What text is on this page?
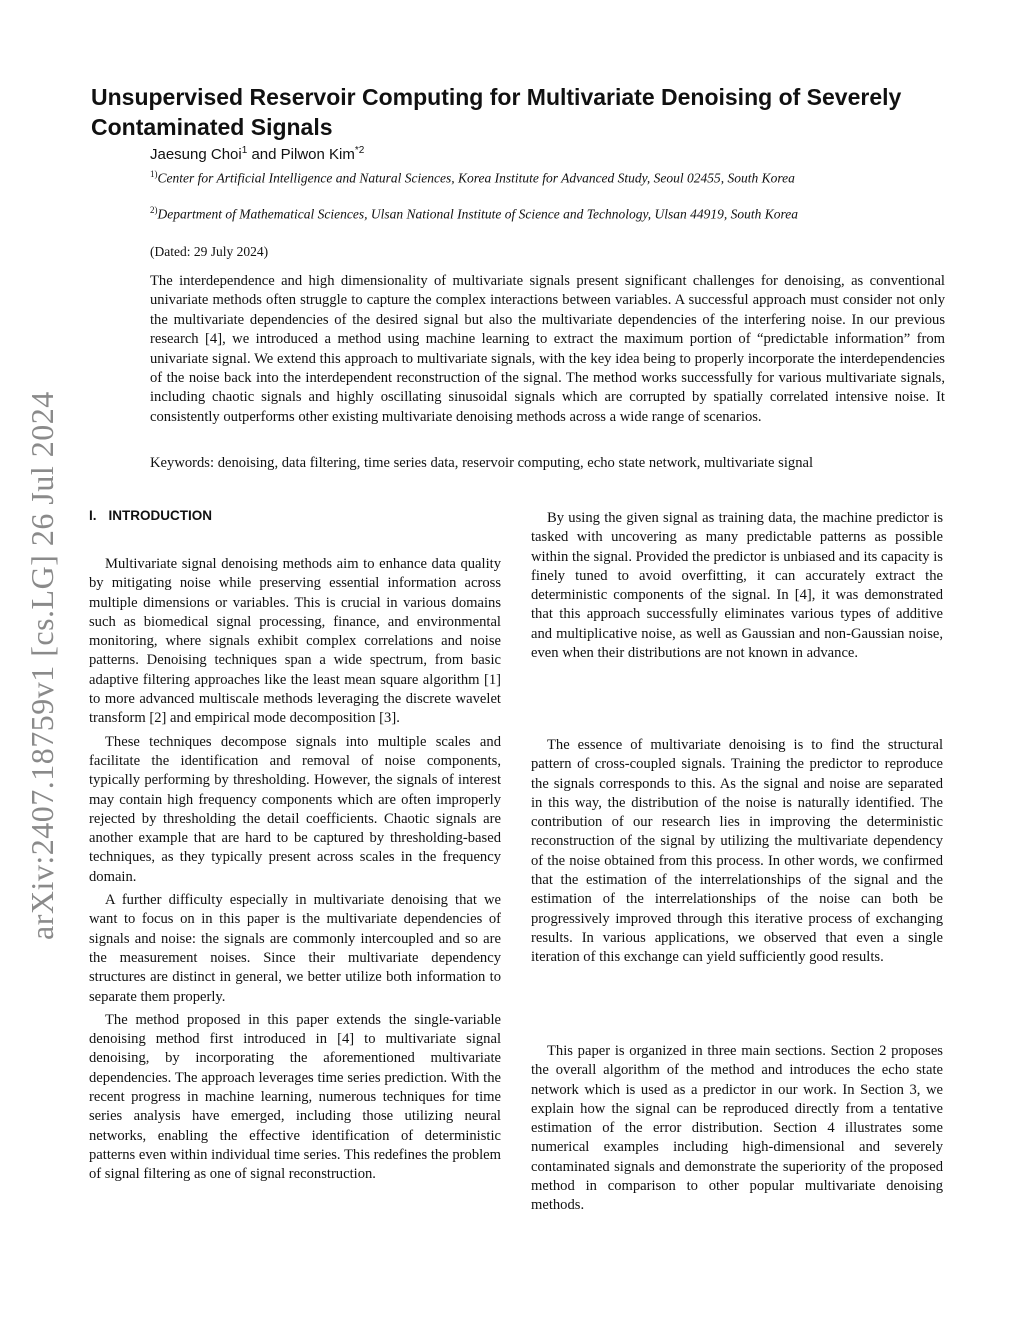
arXiv:2407.18759v1 [cs.LG] 26 Jul 2024
Unsupervised Reservoir Computing for Multivariate Denoising of Severely Contaminated Signals
Jaesung Choi$^1$ and Pilwon Kim$^{*2}$
$^{1)}$Center for Artificial Intelligence and Natural Sciences, Korea Institute for Advanced Study, Seoul 02455, South Korea
$^{2)}$Department of Mathematical Sciences, Ulsan National Institute of Science and Technology, Ulsan 44919, South Korea
(Dated: 29 July 2024)

The interdependence and high dimensionality of multivariate signals present significant challenges for denoising, as conventional univariate methods often struggle to capture the complex interactions between variables. A successful approach must consider not only the multivariate dependencies of the desired signal but also the multivariate dependencies of the interfering noise. In our previous research [4], we introduced a method using machine learning to extract the maximum portion of “predictable information” from univariate signal. We extend this approach to multivariate signals, with the key idea being to properly incorporate the interdependencies of the noise back into the interdependent reconstruction of the signal. The method works successfully for various multivariate signals, including chaotic signals and highly oscillating sinusoidal signals which are corrupted by spatially correlated intensive noise. It consistently outperforms other existing multivariate denoising methods across a wide range of scenarios.

Keywords: denoising, data filtering, time series data, reservoir computing, echo state network, multivariate signal
I. INTRODUCTION

Multivariate signal denoising methods aim to enhance data quality by mitigating noise while preserving essential information across multiple dimensions or variables. This is crucial in various domains such as biomedical signal processing, finance, and environmental monitoring, where signals exhibit complex correlations and noise patterns. Denoising techniques span a wide spectrum, from basic adaptive filtering approaches like the least mean square algorithm [1] to more advanced multiscale methods leveraging the discrete wavelet transform [2] and empirical mode decomposition [3].

These techniques decompose signals into multiple scales and facilitate the identification and removal of noise components, typically performing by thresholding. However, the signals of interest may contain high frequency components which are often improperly rejected by thresholding the detail coefficients. Chaotic signals are another example that are hard to be captured by thresholding-based techniques, as they typically present across scales in the frequency domain.

A further difficulty especially in multivariate denoising that we want to focus on in this paper is the multivariate dependencies of signals and noise: the signals are commonly intercoupled and so are the measurement noises. Since their multivariate dependency structures are distinct in general, we better utilize both information to separate them properly.

The method proposed in this paper extends the single-variable denoising method first introduced in [4] to multivariate signal denoising, by incorporating the aforementioned multivariate dependencies. The approach leverages time series prediction. With the recent progress in machine learning, numerous techniques for time series analysis have emerged, including those utilizing neural networks, enabling the effective identification of deterministic patterns even within individual time series. This redefines the problem of signal filtering as one of signal reconstruction.

By using the given signal as training data, the machine predictor is tasked with uncovering as many predictable patterns as possible within the signal. Provided the predictor is unbiased and its capacity is finely tuned to avoid overfitting, it can accurately extract the deterministic components of the signal. In [4], it was demonstrated that this approach successfully eliminates various types of additive and multiplicative noise, as well as Gaussian and non-Gaussian noise, even when their distributions are not known in advance.

The essence of multivariate denoising is to find the structural pattern of cross-coupled signals. Training the predictor to reproduce the signals corresponds to this. As the signal and noise are separated in this way, the distribution of the noise is naturally identified. The contribution of our research lies in improving the deterministic reconstruction of the signal by utilizing the multivariate dependency of the noise obtained from this process. In other words, we confirmed that the estimation of the interrelationships of the signal and the estimation of the interrelationships of the noise can both be progressively improved through this iterative process of exchanging results. In various applications, we observed that even a single iteration of this exchange can yield sufficiently good results.

This paper is organized in three main sections. Section 2 proposes the overall algorithm of the method and introduces the echo state network which is used as a predictor in our work. In Section 3, we explain how the signal can be reproduced directly from a tentative estimation of the error distribution. Section 4 illustrates some numerical examples including high-dimensional and severely contaminated signals and demonstrate the superiority of the proposed method in comparison to other popular multivariate denoising methods.
